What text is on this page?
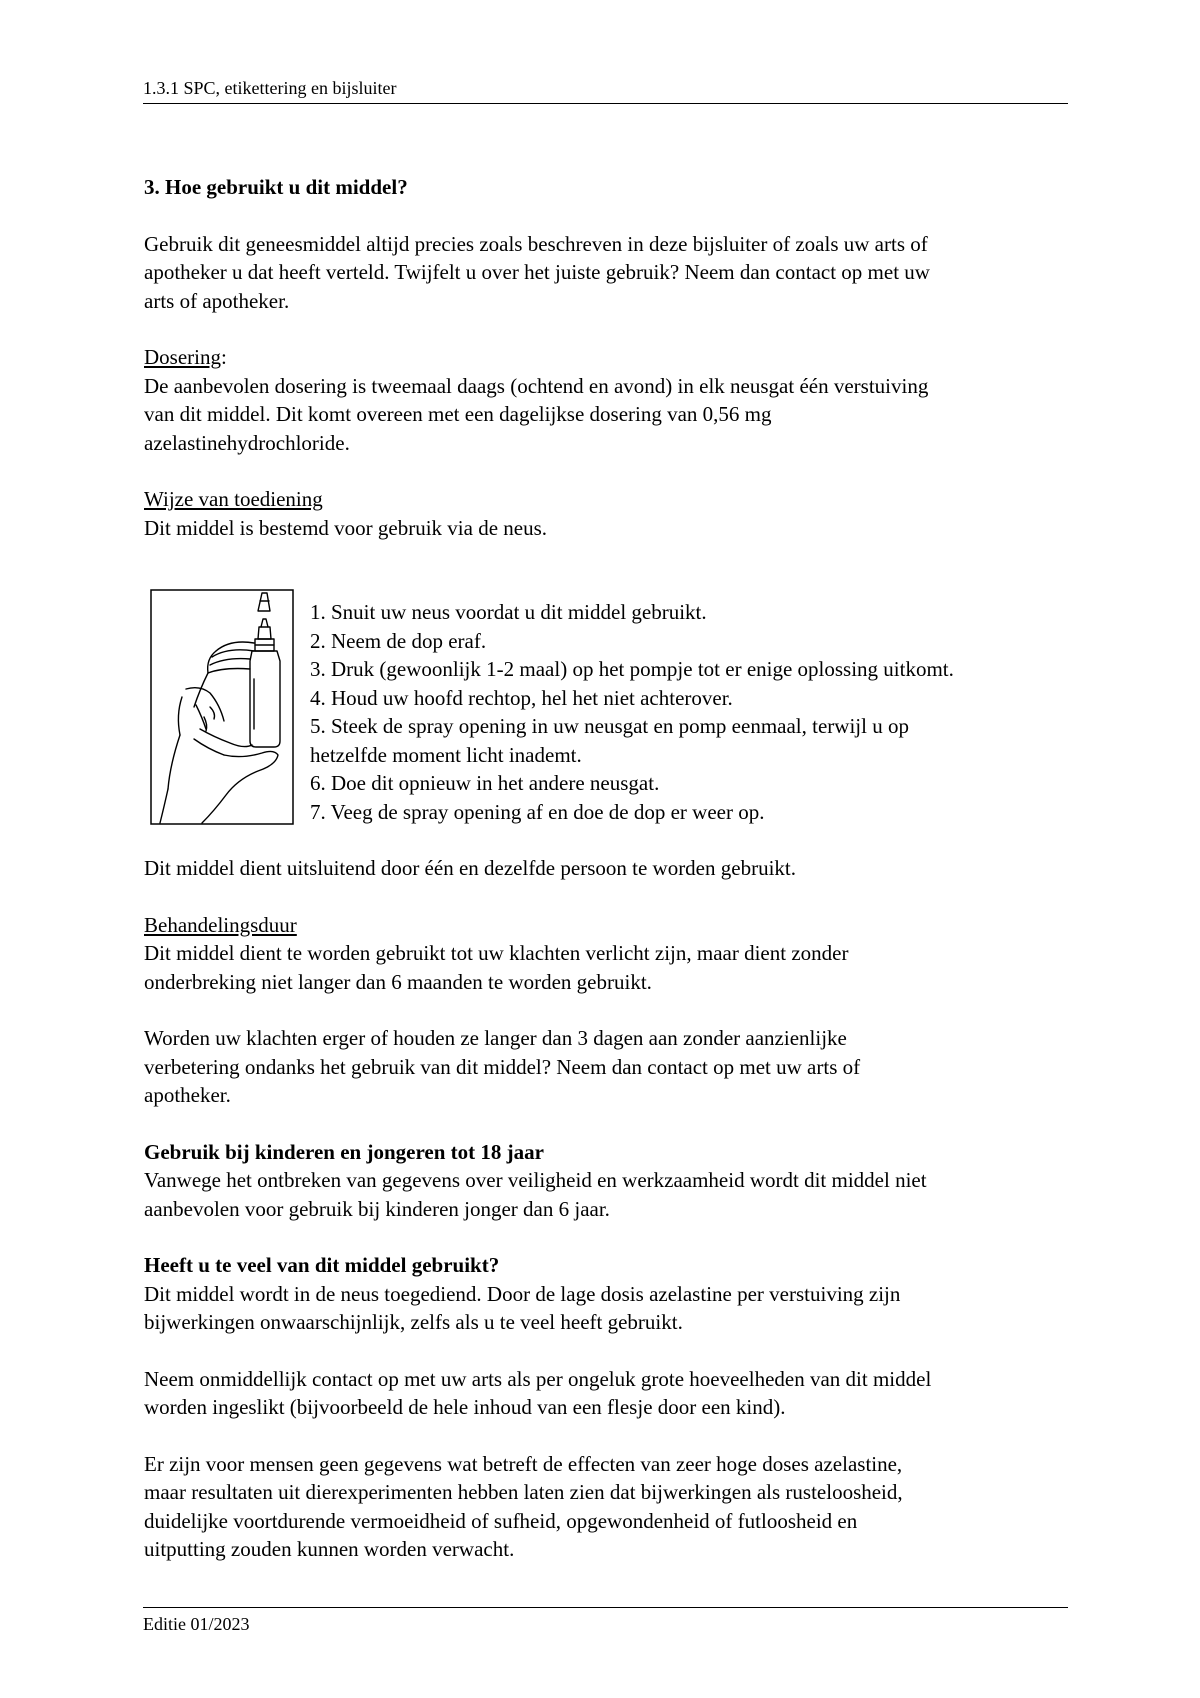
1.3.1 SPC, etikettering en bijsluiter

3. Hoe gebruikt u dit middel?

Gebruik dit geneesmiddel altijd precies zoals beschreven in deze bijsluiter of zoals uw arts of
apotheker u dat heeft verteld. Twijfelt u over het juiste gebruik? Neem dan contact op met uw
arts of apotheker.

Dosering:

De aanbevolen dosering is tweemaal daags (ochtend en avond) in elk neusgat één verstuiving
van dit middel. Dit komt overeen met een dagelijkse dosering van 0,56 mg
azelastinehydrochloride.

Wijze van toediening

Dit middel is bestemd voor gebruik via de neus.

1. Snuit uw neus voordat u dit middel gebruikt.
2. Neem de dop eraf.
3. Druk (gewoonlijk 1-2 maal) op het pompje tot er enige oplossing uitkomt.
4. Houd uw hoofd rechtop, hel het niet achterover.
5. Steek de spray opening in uw neusgat en pomp eenmaal, terwijl u op
hetzelfde moment licht inademt.
6. Doe dit opnieuw in het andere neusgat.
7. Veeg de spray opening af en doe de dop er weer op.

Dit middel dient uitsluitend door één en dezelfde persoon te worden gebruikt.

Behandelingsduur

Dit middel dient te worden gebruikt tot uw klachten verlicht zijn, maar dient zonder
onderbreking niet langer dan 6 maanden te worden gebruikt.

Worden uw klachten erger of houden ze langer dan 3 dagen aan zonder aanzienlijke
verbetering ondanks het gebruik van dit middel? Neem dan contact op met uw arts of
apotheker.

Gebruik bij kinderen en jongeren tot 18 jaar

Vanwege het ontbreken van gegevens over veiligheid en werkzaamheid wordt dit middel niet
aanbevolen voor gebruik bij kinderen jonger dan 6 jaar.

Heeft u te veel van dit middel gebruikt?

Dit middel wordt in de neus toegediend. Door de lage dosis azelastine per verstuiving zijn
bijwerkingen onwaarschijnlijk, zelfs als u te veel heeft gebruikt.

Neem onmiddellijk contact op met uw arts als per ongeluk grote hoeveelheden van dit middel
worden ingeslikt (bijvoorbeeld de hele inhoud van een flesje door een kind).

Er zijn voor mensen geen gegevens wat betreft de effecten van zeer hoge doses azelastine,
maar resultaten uit dierexperimenten hebben laten zien dat bijwerkingen als rusteloosheid,
duidelijke voortdurende vermoeidheid of sufheid, opgewondenheid of futloosheid en
uitputting zouden kunnen worden verwacht.

Editie 01/2023
